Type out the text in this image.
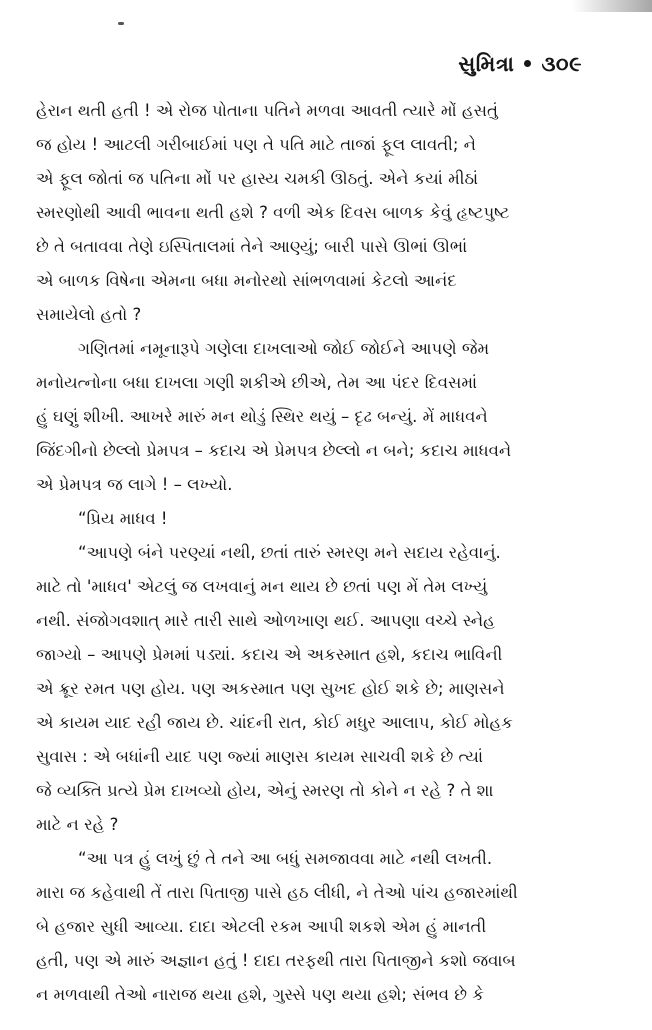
સુમિત્રા ૩૦૯
હેરાન થતી હતી ! એ રોજ પોતાના પતિને મળવા આવતી ત્યારે મોં હસતું
જ હોય ! આટલી ગરીબાઈમાં પણ તે પતિ માટે તાજાં ફૂલ લાવતી; ને
એ ફૂલ જોતાં જ પતિના મોં પર હાસ્ય ચમકી ઊઠતું. એને કયાં મીઠાં
સ્મરણોથી આવી ભાવના થતી હશે ? વળી એક દિવસ બાળક કેવું હૃષ્ટપુષ્ટ
છે તે બતાવવા તેણે ઇસ્પિતાલમાં તેને આણ્યું; બારી પાસે ઊભાં ઊભાં
એ બાળક વિષેના એમના બધા મનોરથો સાંભળવામાં કેટલો આનંદ
સમાયેલો હતો ?
ગણિતમાં નમૂનારૂપે ગણેલા દાખલાઓ જોઈ જોઈને આપણે જેમ
મનોયત્નોના બધા દાખલા ગણી શકીએ છીએ, તેમ આ પંદર દિવસમાં
હું ઘણું શીખી. આખરે મારું મન થોડું સ્થિર થયું – દૃઢ બન્યું. મેં માધવને
જિંદગીનો છેલ્લો પ્રેમપત્ર – કદાચ એ પ્રેમપત્ર છેલ્લો ન બને; કદાચ માધવને
એ પ્રેમપત્ર જ લાગે ! – લખ્યો.
“પ્રિય માધવ !
“આપણે બંને પરણ્યાં નથી, છતાં તારું સ્મરણ મને સદાય રહેવાનું.
માટે તો 'માધવ' એટલું જ લખવાનું મન થાય છે છતાં પણ મેં તેમ લખ્યું
નથી. સંજોગવશાત્ મારે તારી સાથે ઓળખાણ થઈ. આપણા વચ્ચે સ્નેહ
જાગ્યો – આપણે પ્રેમમાં પડ્યાં. કદાચ એ અકસ્માત હશે, કદાચ ભાવિની
એ ક્રૂર રમત પણ હોય. પણ અકસ્માત પણ સુખદ હોઈ શકે છે; માણસને
એ કાયમ યાદ રહી જાય છે. ચાંદની રાત, કોઈ મધુર આલાપ, કોઈ મોહક
સુવાસ : એ બધાંની યાદ પણ જ્યાં માણસ કાયમ સાચવી શકે છે ત્યાં
જે વ્યક્તિ પ્રત્યે પ્રેમ દાખવ્યો હોય, એનું સ્મરણ તો કોને ન રહે ? તે શા
માટે ન રહે ?
“આ પત્ર હું લખું છું તે તને આ બધું સમજાવવા માટે નથી લખતી.
મારા જ કહેવાથી તેં તારા પિતાજી પાસે હઠ લીધી, ને તેઓ પાંચ હજારમાંથી
બે હજાર સુધી આવ્યા. દાદા એટલી રકમ આપી શકશે એમ હું માનતી
હતી, પણ એ મારું અજ્ઞાન હતું ! દાદા તરફથી તારા પિતાજીને કશો જવાબ
ન મળવાથી તેઓ નારાજ થયા હશે, ગુસ્સે પણ થયા હશે; સંભવ છે કે
